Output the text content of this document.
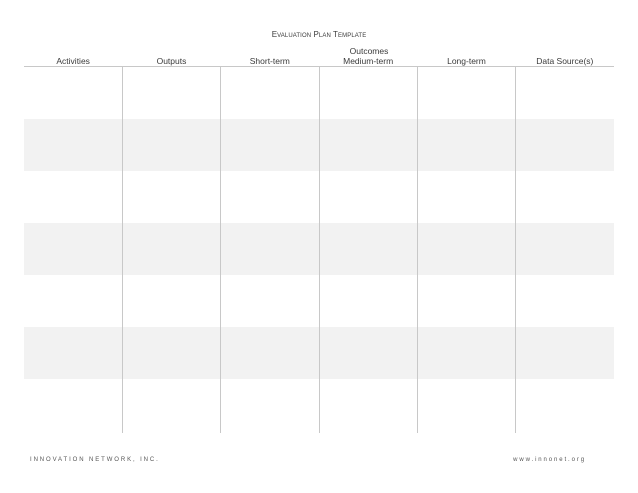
Evaluation Plan Template
Outcomes
Activities	Outputs	Short-term	Medium-term	Long-term	Data Source(s)
INNOVATION NETWORK, INC.	www.innonet.org
